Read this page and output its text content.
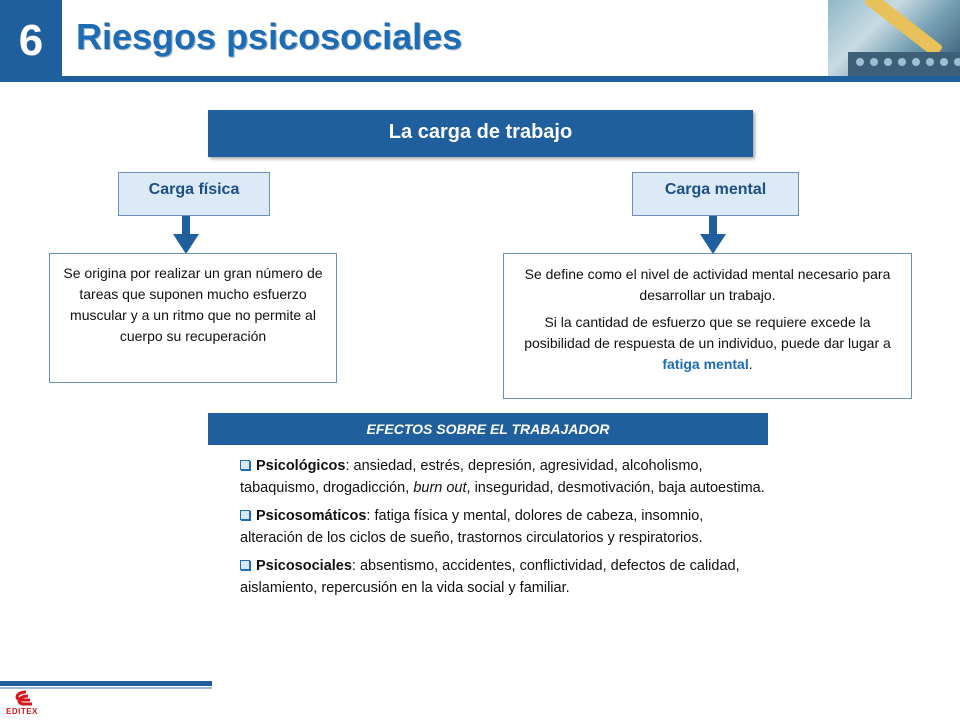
6 Riesgos psicosociales
La carga de trabajo
Carga física	Carga mental
Se origina por realizar un gran número de tareas que suponen mucho esfuerzo muscular y a un ritmo que no permite al cuerpo su recuperación

Se define como el nivel de actividad mental necesario para desarrollar un trabajo.

Si la cantidad de esfuerzo que se requiere excede la posibilidad de respuesta de un individuo, puede dar lugar a fatiga mental.

EFECTOS SOBRE EL TRABAJADOR
Psicológicos: ansiedad, estrés, depresión, agresividad, alcoholismo, tabaquismo, drogadicción, burn out, inseguridad, desmotivación, baja autoestima.
Psicosomáticos: fatiga física y mental, dolores de cabeza, insomnio, alteración de los ciclos de sueño, trastornos circulatorios y respiratorios.
Psicosociales: absentismo, accidentes, conflictividad, defectos de calidad, aislamiento, repercusión en la vida social y familiar.
EDITEX
